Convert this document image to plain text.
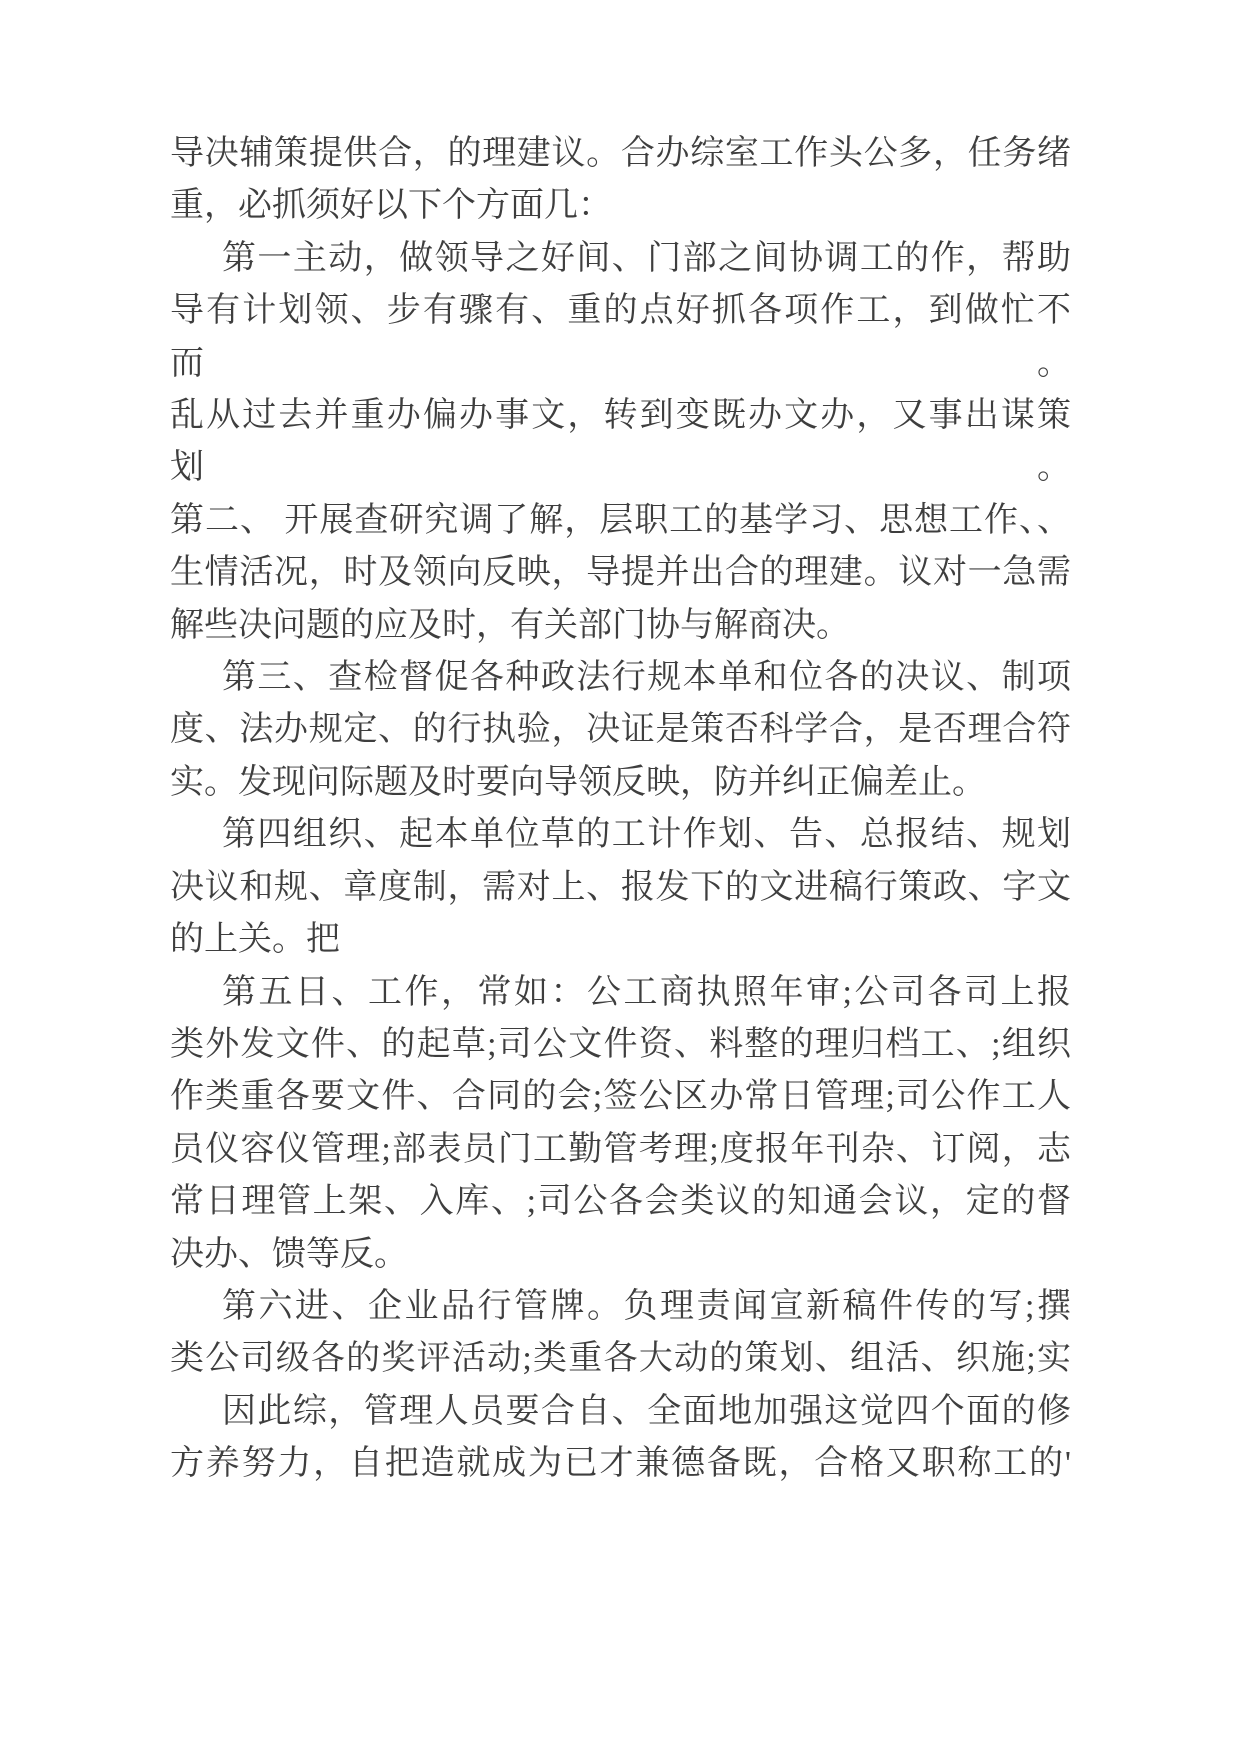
导决辅策提供合，的理建议。合办综室工作头公多，任务绪
重，必抓须好以下个方面几：
第一主动，做领导之好间、门部之间协调工的作，帮助
导有计划领、步有骤有、重的点好抓各项作工，到做忙不而。
乱从过去并重办偏办事文，转到变既办文办，又事出谋策划。
第二、 开展查研究调了解，层职工的基学习、思想工作、、
生情活况，时及领向反映，导提并出合的理建。议对一急需
解些决问题的应及时，有关部门协与解商决。
第三、查检督促各种政法行规本单和位各的决议、制项
度、法办规定、的行执验，决证是策否科学合，是否理合符
实。发现问际题及时要向导领反映，防并纠正偏差止。
第四组织、起本单位草的工计作划、告、总报结、规划
决议和规、章度制，需对上、报发下的文进稿行策政、字文
的上关。把
第五日、工作，常如：公工商执照年审;公司各司上报
类外发文件、的起草;司公文件资、料整的理归档工、;组织
作类重各要文件、合同的会;签公区办常日管理;司公作工人
员仪容仪管理;部表员门工勤管考理;度报年刊杂、订阅，志
常日理管上架、入库、;司公各会类议的知通会议，定的督
决办、馈等反。
第六进、企业品行管牌。负理责闻宣新稿件传的写;撰
类公司级各的奖评活动;类重各大动的策划、组活、织施;实
因此综，管理人员要合自、全面地加强这觉四个面的修
方养努力，自把造就成为已才兼德备既，合格又职称工的'
